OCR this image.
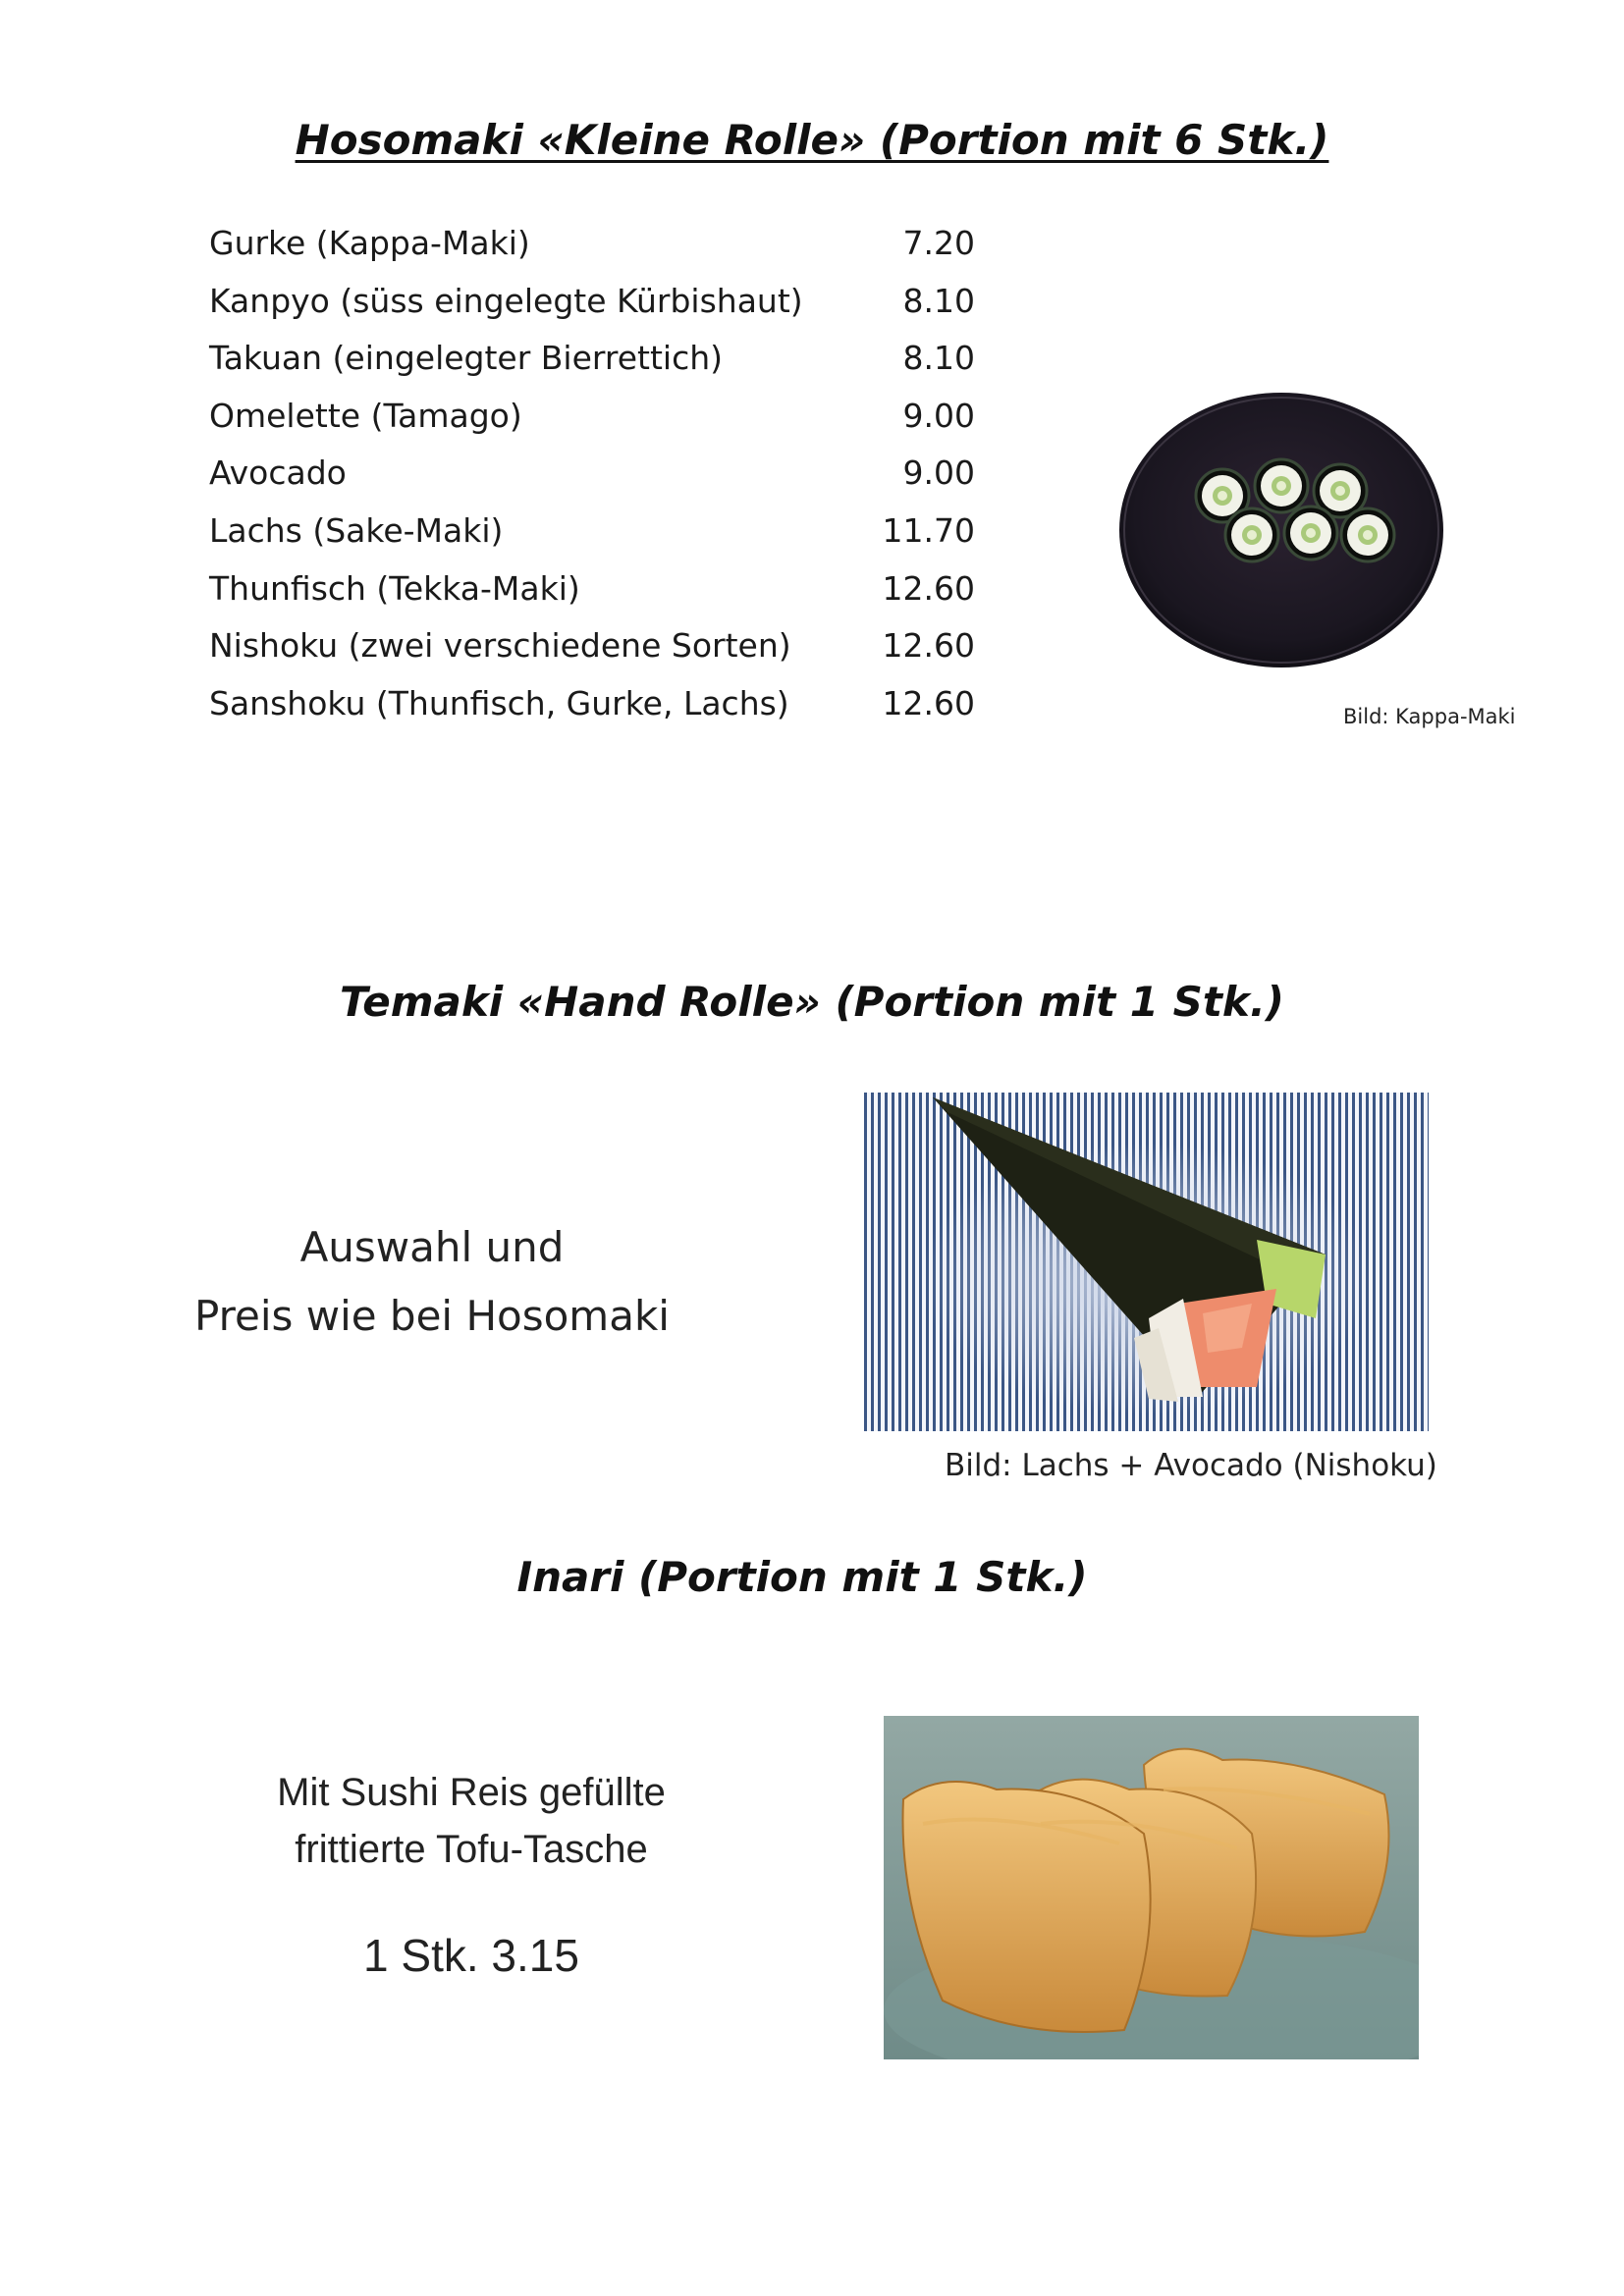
Hosomaki «Kleine Rolle» (Portion mit 6 Stk.)
Gurke (Kappa-Maki)	7.20
Kanpyo (süss eingelegte Kürbishaut)	8.10
Takuan (eingelegter Bierrettich)	8.10
Omelette (Tamago)	9.00
Avocado	9.00
Lachs (Sake-Maki)	11.70
Thunfisch (Tekka-Maki)	12.60
Nishoku (zwei verschiedene Sorten)	12.60
Sanshoku (Thunfisch, Gurke, Lachs)	12.60	Bild: Kappa-Maki
Temaki «Hand Rolle» (Portion mit 1 Stk.)
Auswahl und
Preis wie bei Hosomaki
Bild: Lachs + Avocado (Nishoku)
Inari (Portion mit 1 Stk.)
Mit Sushi Reis gefüllte
frittierte Tofu-Tasche
1 Stk. 3.15
